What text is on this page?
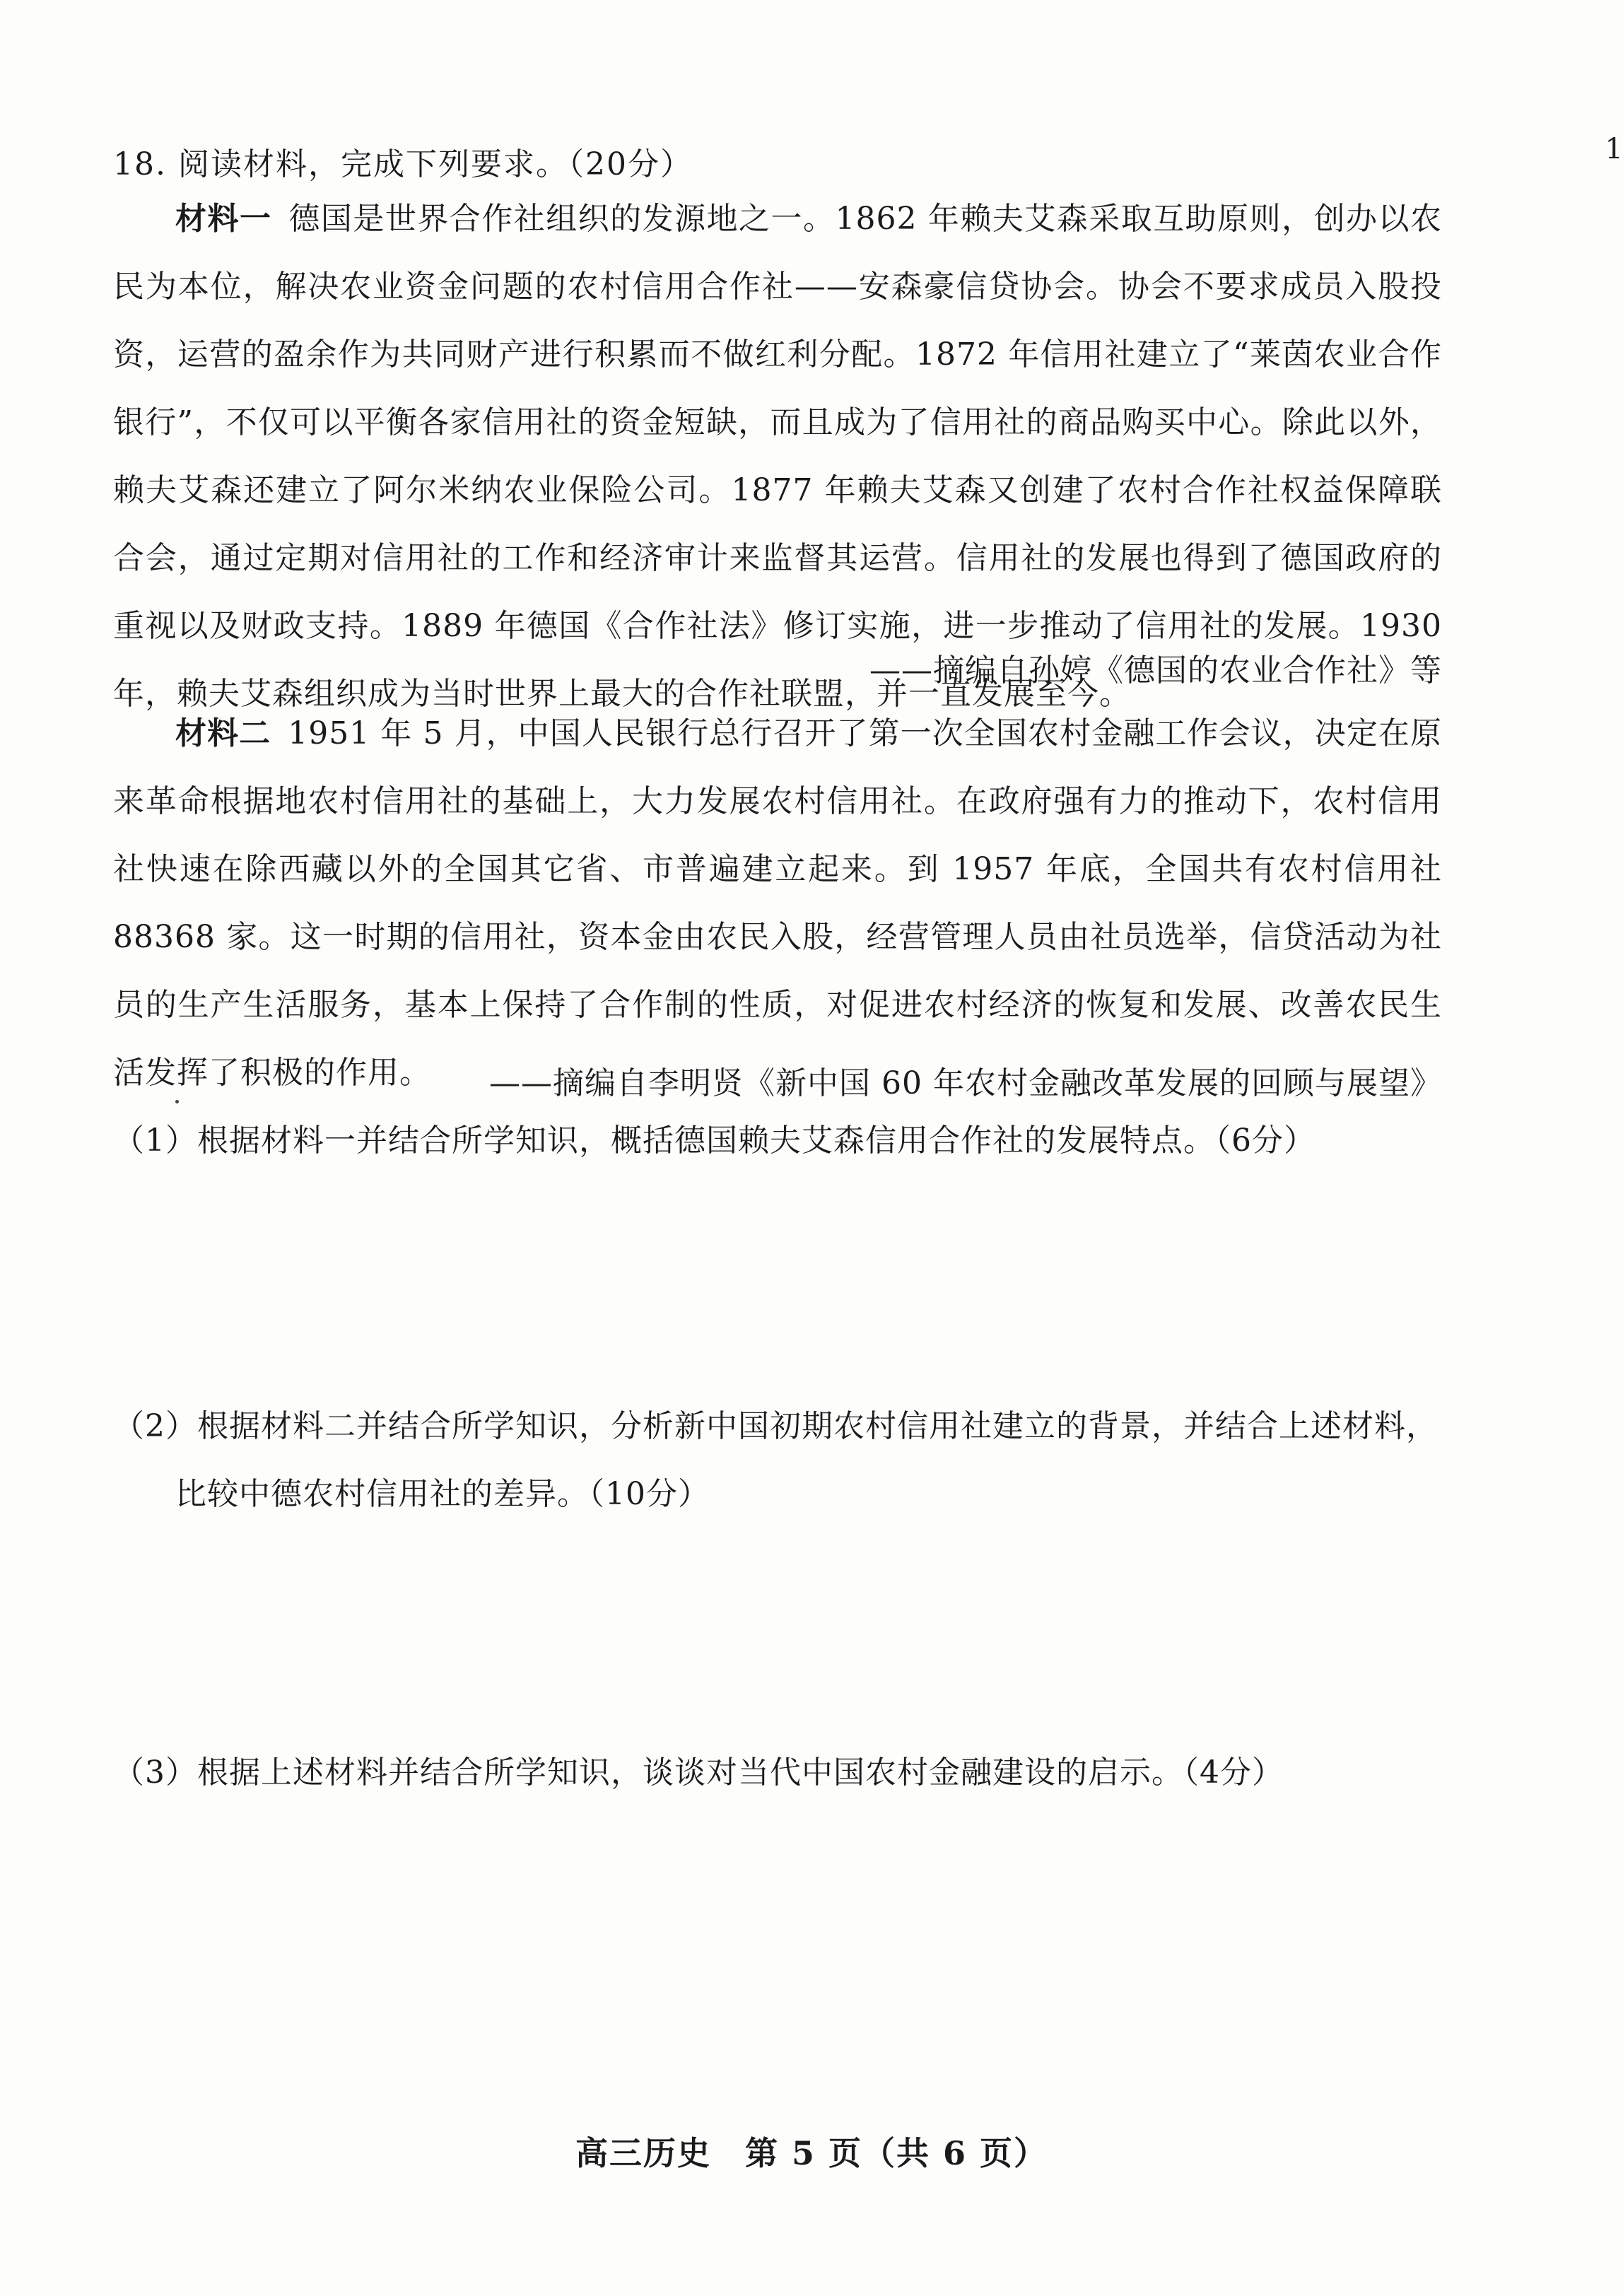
1
18. 阅读材料，完成下列要求。（20分）
材料一 德国是世界合作社组织的发源地之一。1862 年赖夫艾森采取互助原则，创办以农民为本位，解决农业资金问题的农村信用合作社——安森豪信贷协会。协会不要求成员入股投资，运营的盈余作为共同财产进行积累而不做红利分配。1872 年信用社建立了“莱茵农业合作银行”，不仅可以平衡各家信用社的资金短缺，而且成为了信用社的商品购买中心。除此以外，赖夫艾森还建立了阿尔米纳农业保险公司。1877 年赖夫艾森又创建了农村合作社权益保障联合会，通过定期对信用社的工作和经济审计来监督其运营。信用社的发展也得到了德国政府的重视以及财政支持。1889 年德国《合作社法》修订实施，进一步推动了信用社的发展。1930 年，赖夫艾森组织成为当时世界上最大的合作社联盟，并一直发展至今。
——摘编自孙婷《德国的农业合作社》等
材料二 1951 年 5 月，中国人民银行总行召开了第一次全国农村金融工作会议，决定在原来革命根据地农村信用社的基础上，大力发展农村信用社。在政府强有力的推动下，农村信用社快速在除西藏以外的全国其它省、市普遍建立起来。到 1957 年底，全国共有农村信用社 88368 家。这一时期的信用社，资本金由农民入股，经营管理人员由社员选举，信贷活动为社员的生产生活服务，基本上保持了合作制的性质，对促进农村经济的恢复和发展、改善农民生活发挥了积极的作用。	——摘编自李明贤《新中国 60 年农村金融改革发展的回顾与展望》
（1）根据材料一并结合所学知识，概括德国赖夫艾森信用合作社的发展特点。（6分）
（2）根据材料二并结合所学知识，分析新中国初期农村信用社建立的背景，并结合上述材料，
比较中德农村信用社的差异。（10分）
（3）根据上述材料并结合所学知识，谈谈对当代中国农村金融建设的启示。（4分）
高三历史　第 5 页（共 6 页）
